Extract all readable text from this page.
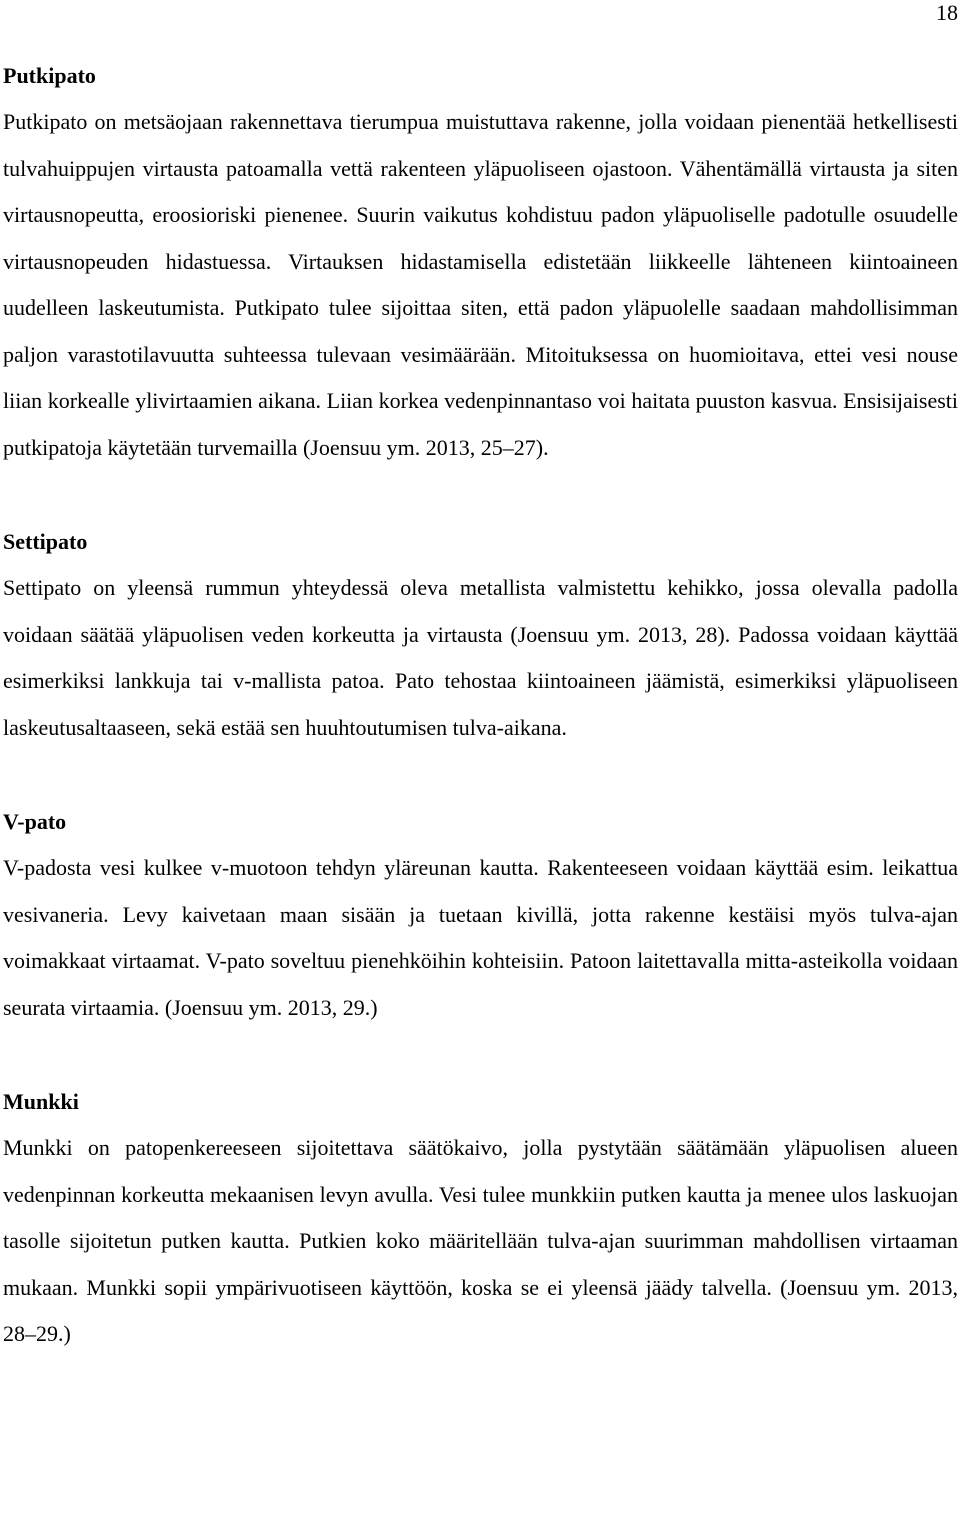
18
Putkipato

Putkipato on metsäojaan rakennettava tierumpua muistuttava rakenne, jolla voidaan pienentää hetkellisesti tulvahuippujen virtausta patoamalla vettä rakenteen yläpuoliseen ojastoon. Vähentämällä virtausta ja siten virtausnopeutta, eroosioriski pienenee. Suurin vaikutus kohdistuu padon yläpuoliselle padotulle osuudelle virtausnopeuden hidastuessa. Virtauksen hidastamisella edistetään liikkeelle lähteneen kiintoaineen uudelleen laskeutumista. Putkipato tulee sijoittaa siten, että padon yläpuolelle saadaan mahdollisimman paljon varastotilavuutta suhteessa tulevaan vesimäärään. Mitoituksessa on huomioitava, ettei vesi nouse liian korkealle ylivirtaamien aikana. Liian korkea vedenpinnantaso voi haitata puuston kasvua. Ensisijaisesti putkipatoja käytetään turvemailla (Joensuu ym. 2013, 25–27).

Settipato

Settipato on yleensä rummun yhteydessä oleva metallista valmistettu kehikko, jossa olevalla padolla voidaan säätää yläpuolisen veden korkeutta ja virtausta (Joensuu ym. 2013, 28). Padossa voidaan käyttää esimerkiksi lankkuja tai v-mallista patoa. Pato tehostaa kiintoaineen jäämistä, esimerkiksi yläpuoliseen laskeutusaltaaseen, sekä estää sen huuhtoutumisen tulva-aikana.

V-pato

V-padosta vesi kulkee v-muotoon tehdyn yläreunan kautta. Rakenteeseen voidaan käyttää esim. leikattua vesivaneria. Levy kaivetaan maan sisään ja tuetaan kivillä, jotta rakenne kestäisi myös tulva-ajan voimakkaat virtaamat. V-pato soveltuu pienehköihin kohteisiin. Patoon laitettavalla mitta-asteikolla voidaan seurata virtaamia. (Joensuu ym. 2013, 29.)

Munkki

Munkki on patopenkereeseen sijoitettava säätökaivo, jolla pystytään säätämään yläpuolisen alueen vedenpinnan korkeutta mekaanisen levyn avulla. Vesi tulee munkkiin putken kautta ja menee ulos laskuojan tasolle sijoitetun putken kautta. Putkien koko määritellään tulva-ajan suurimman mahdollisen virtaaman mukaan. Munkki sopii ympärivuotiseen käyttöön, koska se ei yleensä jäädy talvella. (Joensuu ym. 2013, 28–29.)
